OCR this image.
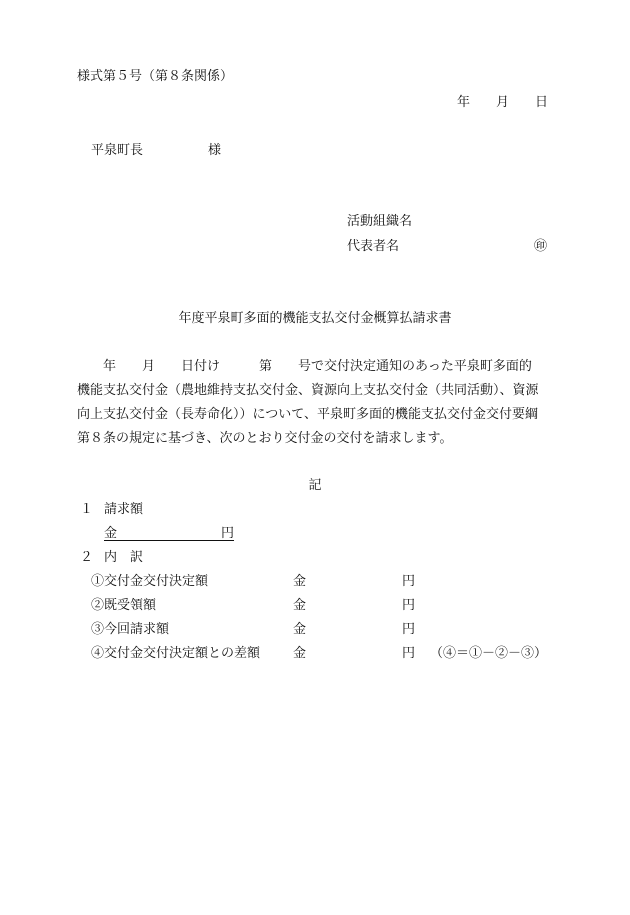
様式第５号（第８条関係）
年　　月　　日
平泉町長　　　　　様
活動組織名
代表者名	㊞
年度平泉町多面的機能支払交付金概算払請求書
年　　月　　日付け　　　第　　号で交付決定通知のあった平泉町多面的
機能支払交付金（農地維持支払交付金、資源向上支払交付金（共同活動）、資源
向上支払交付金（長寿命化））について、平泉町多面的機能支払交付金交付要綱
第８条の規定に基づき、次のとおり交付金の交付を請求します。
記
１ 請求額
金　　　　　　　　円
２ 内　訳
①交付金交付決定額	金	円
②既受領額	金	円
③今回請求額	金	円
④交付金交付決定額との差額	金	円 （④＝①－②－③）
